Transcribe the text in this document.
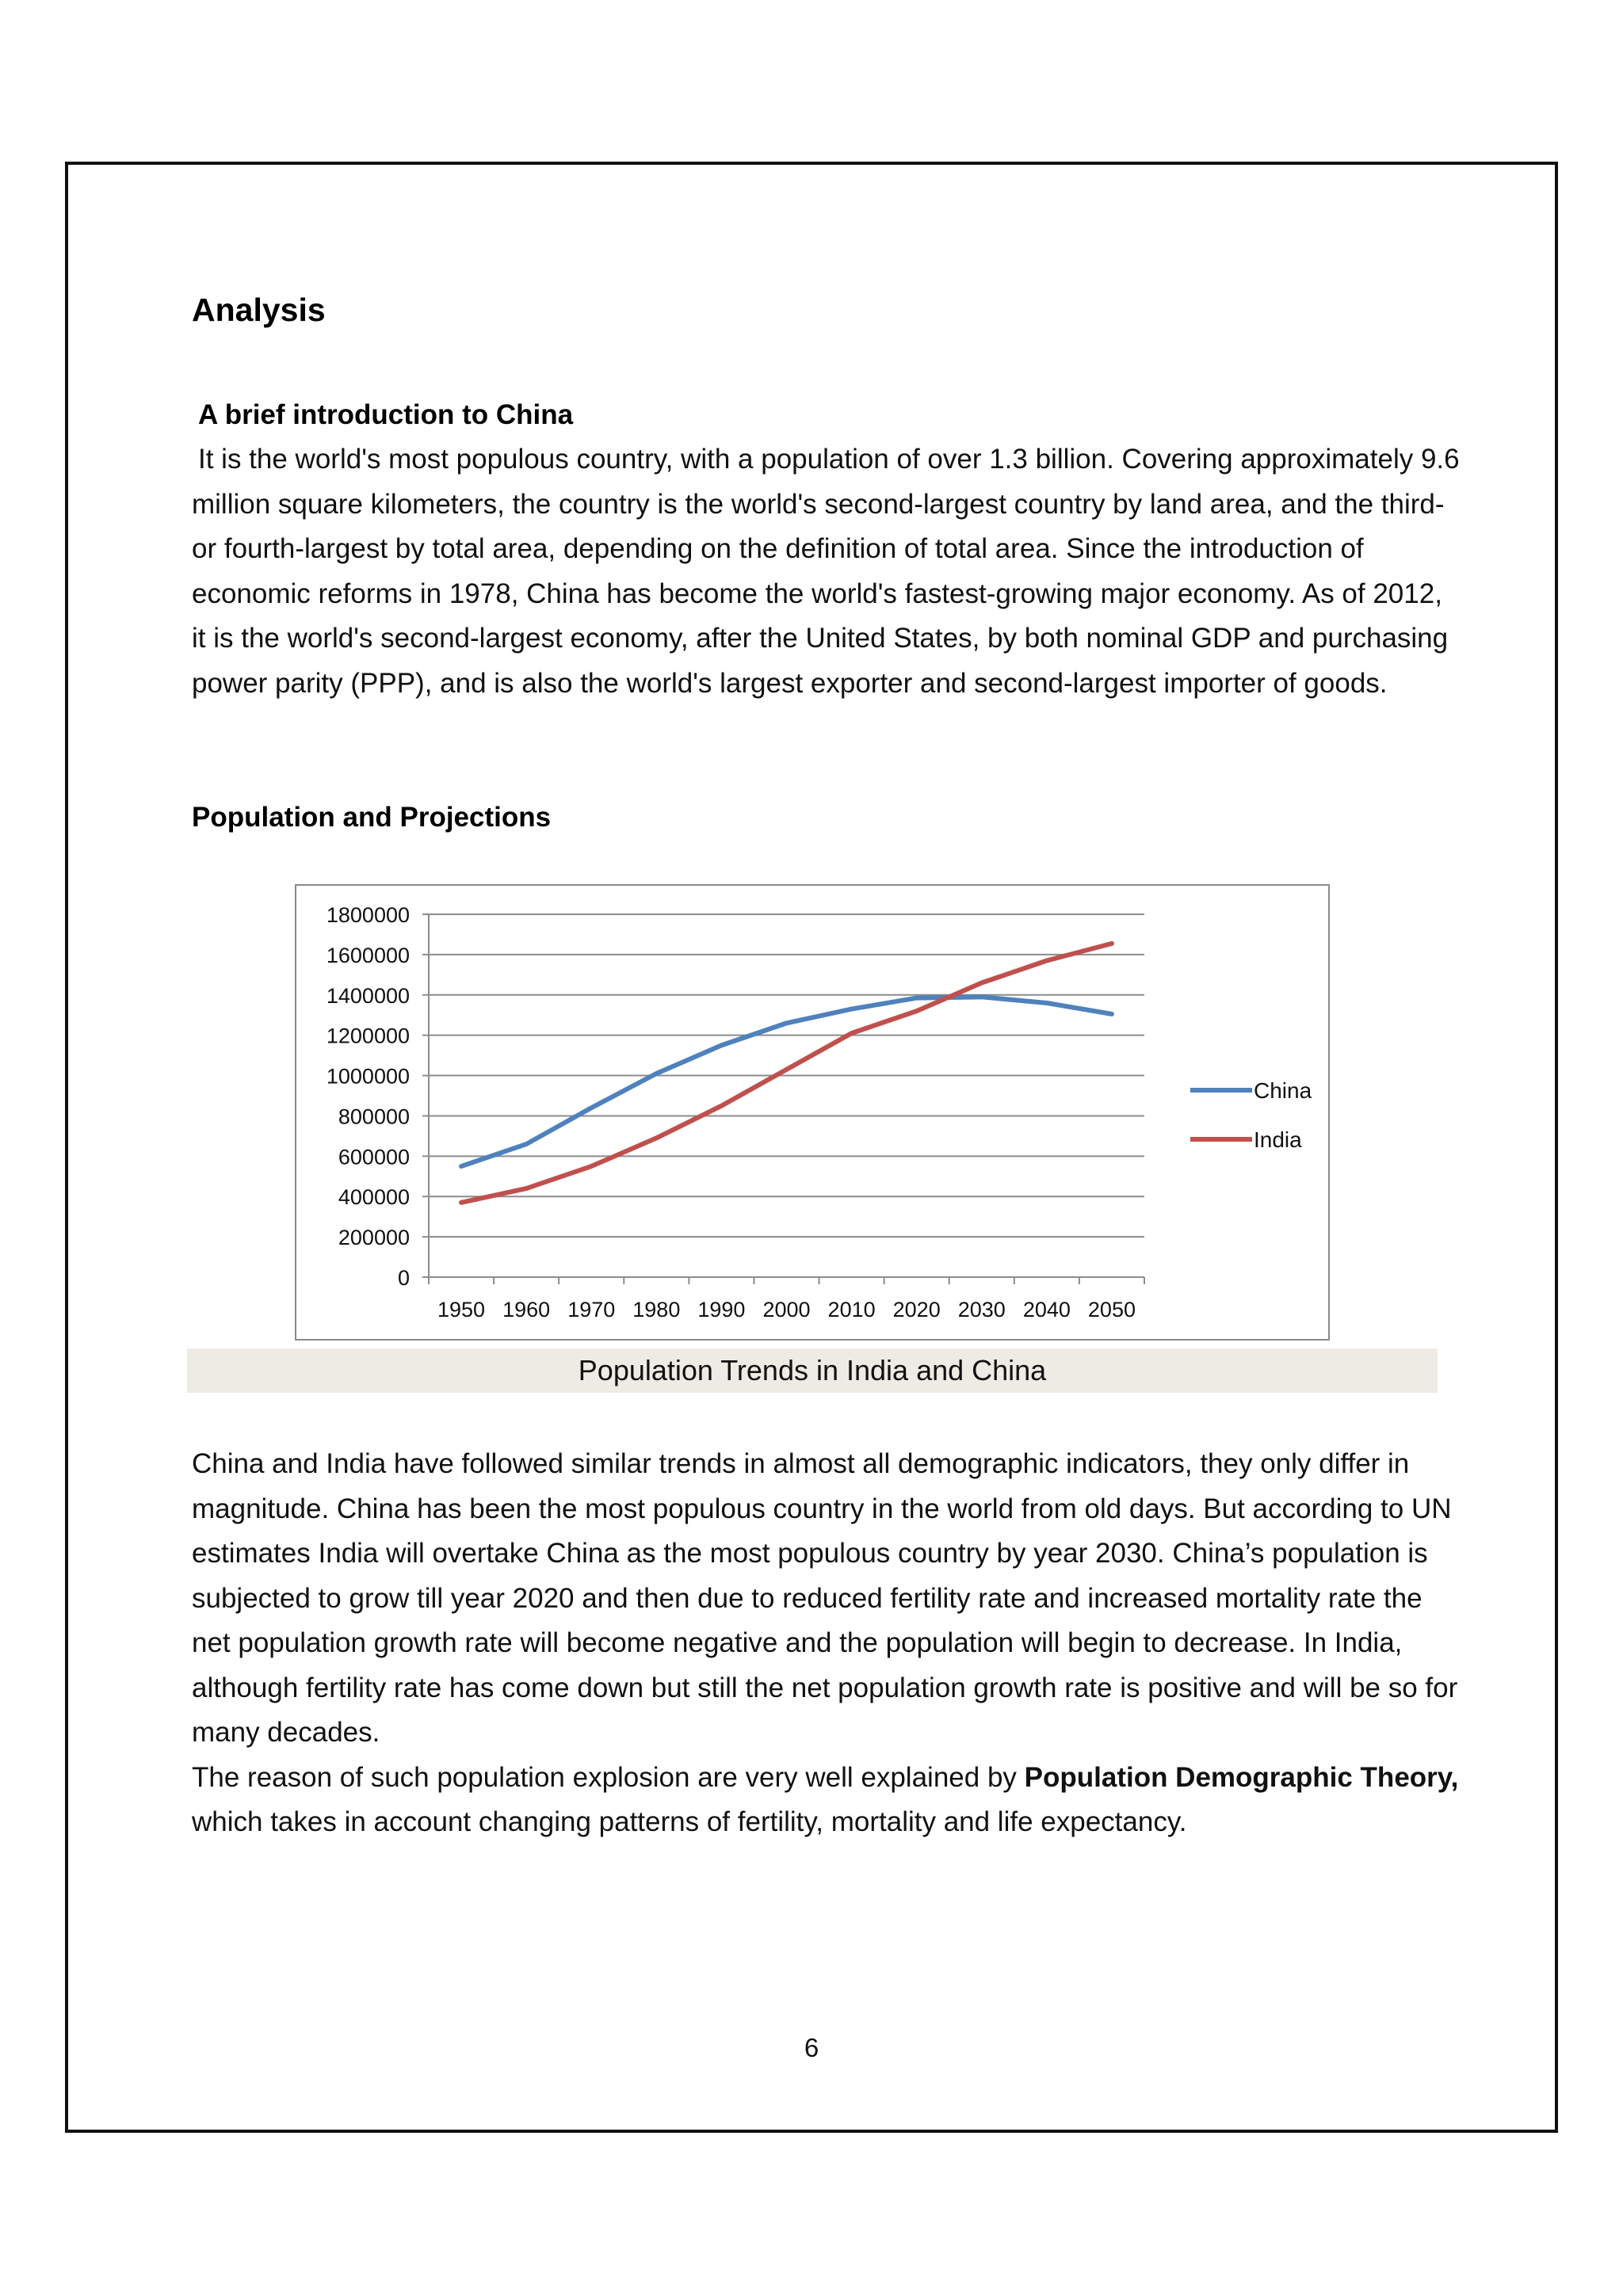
Analysis

A brief introduction to China

It is the world's most populous country, with a population of over 1.3 billion. Covering approximately 9.6 million square kilometers, the country is the world's second-largest country by land area, and the third- or fourth-largest by total area, depending on the definition of total area. Since the introduction of economic reforms in 1978, China has become the world's fastest-growing major economy. As of 2012, it is the world's second-largest economy, after the United States, by both nominal GDP and purchasing power parity (PPP), and is also the world's largest exporter and second-largest importer of goods.

Population and Projections

0
200000
400000
600000
800000
1000000
1200000
1400000
1600000
1800000
1950 1960 1970 1980 1990 2000 2010 2020 2030 2040 2050
China
India
Population Trends in India and China

China and India have followed similar trends in almost all demographic indicators, they only differ in magnitude. China has been the most populous country in the world from old days. But according to UN estimates India will overtake China as the most populous country by year 2030. China’s population is subjected to grow till year 2020 and then due to reduced fertility rate and increased mortality rate the net population growth rate will become negative and the population will begin to decrease. In India, although fertility rate has come down but still the net population growth rate is positive and will be so for many decades.
The reason of such population explosion are very well explained by Population Demographic Theory, which takes in account changing patterns of fertility, mortality and life expectancy.

6
